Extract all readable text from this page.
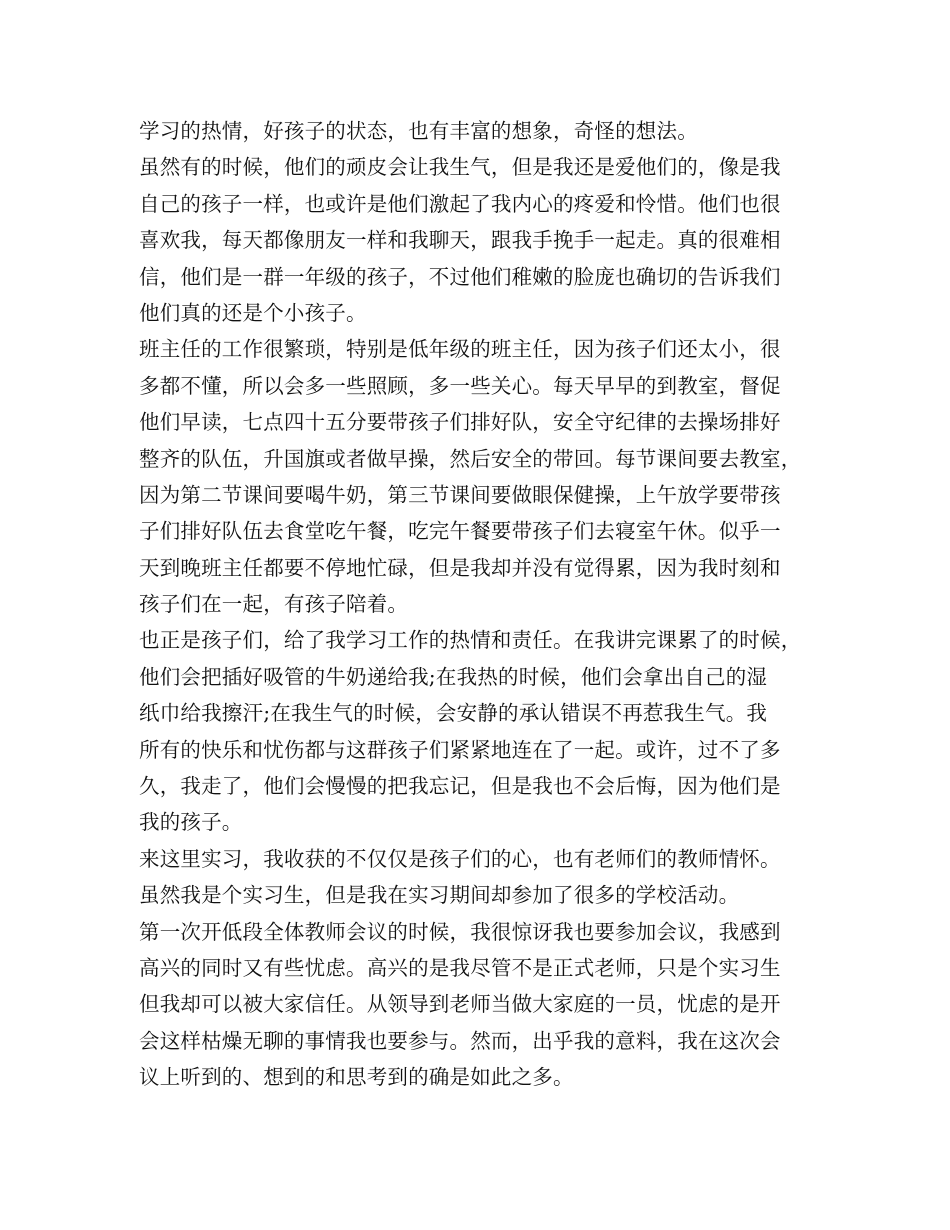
学习的热情，好孩子的状态，也有丰富的想象，奇怪的想法。
虽然有的时候，他们的顽皮会让我生气，但是我还是爱他们的，像是我
自己的孩子一样，也或许是他们激起了我内心的疼爱和怜惜。他们也很
喜欢我，每天都像朋友一样和我聊天，跟我手挽手一起走。真的很难相
信，他们是一群一年级的孩子，不过他们稚嫩的脸庞也确切的告诉我们
他们真的还是个小孩子。
班主任的工作很繁琐，特别是低年级的班主任，因为孩子们还太小，很
多都不懂，所以会多一些照顾，多一些关心。每天早早的到教室，督促
他们早读，七点四十五分要带孩子们排好队，安全守纪律的去操场排好
整齐的队伍，升国旗或者做早操，然后安全的带回。每节课间要去教室，
因为第二节课间要喝牛奶，第三节课间要做眼保健操，上午放学要带孩
子们排好队伍去食堂吃午餐，吃完午餐要带孩子们去寝室午休。似乎一
天到晚班主任都要不停地忙碌，但是我却并没有觉得累，因为我时刻和
孩子们在一起，有孩子陪着。
也正是孩子们，给了我学习工作的热情和责任。在我讲完课累了的时候，
他们会把插好吸管的牛奶递给我;在我热的时候，他们会拿出自己的湿
纸巾给我擦汗;在我生气的时候，会安静的承认错误不再惹我生气。我
所有的快乐和忧伤都与这群孩子们紧紧地连在了一起。或许，过不了多
久，我走了，他们会慢慢的把我忘记，但是我也不会后悔，因为他们是
我的孩子。
来这里实习，我收获的不仅仅是孩子们的心，也有老师们的教师情怀。
虽然我是个实习生，但是我在实习期间却参加了很多的学校活动。
第一次开低段全体教师会议的时候，我很惊讶我也要参加会议，我感到
高兴的同时又有些忧虑。高兴的是我尽管不是正式老师，只是个实习生
但我却可以被大家信任。从领导到老师当做大家庭的一员，忧虑的是开
会这样枯燥无聊的事情我也要参与。然而，出乎我的意料，我在这次会
议上听到的、想到的和思考到的确是如此之多。
